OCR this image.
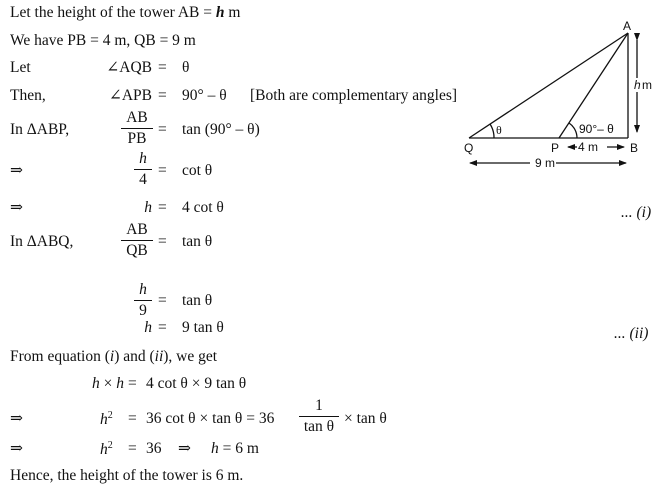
Let the height of the tower AB = h m
We have PB = 4 m, QB = 9 m
Let	∠AQB = θ
Then,	∠APB = 90° – θ [Both are complementary angles]
In ΔABP,	$\frac{AB}{PB} = \tan (90^\circ - \theta)$
⇒	$\frac{h}{4} = \cot \theta$
⇒	h = 4 cot θ	... (i)
In ΔABQ,	$\frac{AB}{QB} = \tan \theta$
$\frac{h}{9} = \tan \theta$
h = 9 tan θ	... (ii)
From equation (i) and (ii), we get
h × h = 4 cot θ × 9 tan θ
⇒	$h^2 = 36$ $\cot \theta \times \tan \theta = 36 \frac{1}{\text{tan θ}} \times \tan \theta$
⇒	$h^2 = 36$ ⇒ h = 6 m
Hence, the height of the tower is 6 m.
A
B
Q	P 4 m
9 m
θ	90°– θ
h m
